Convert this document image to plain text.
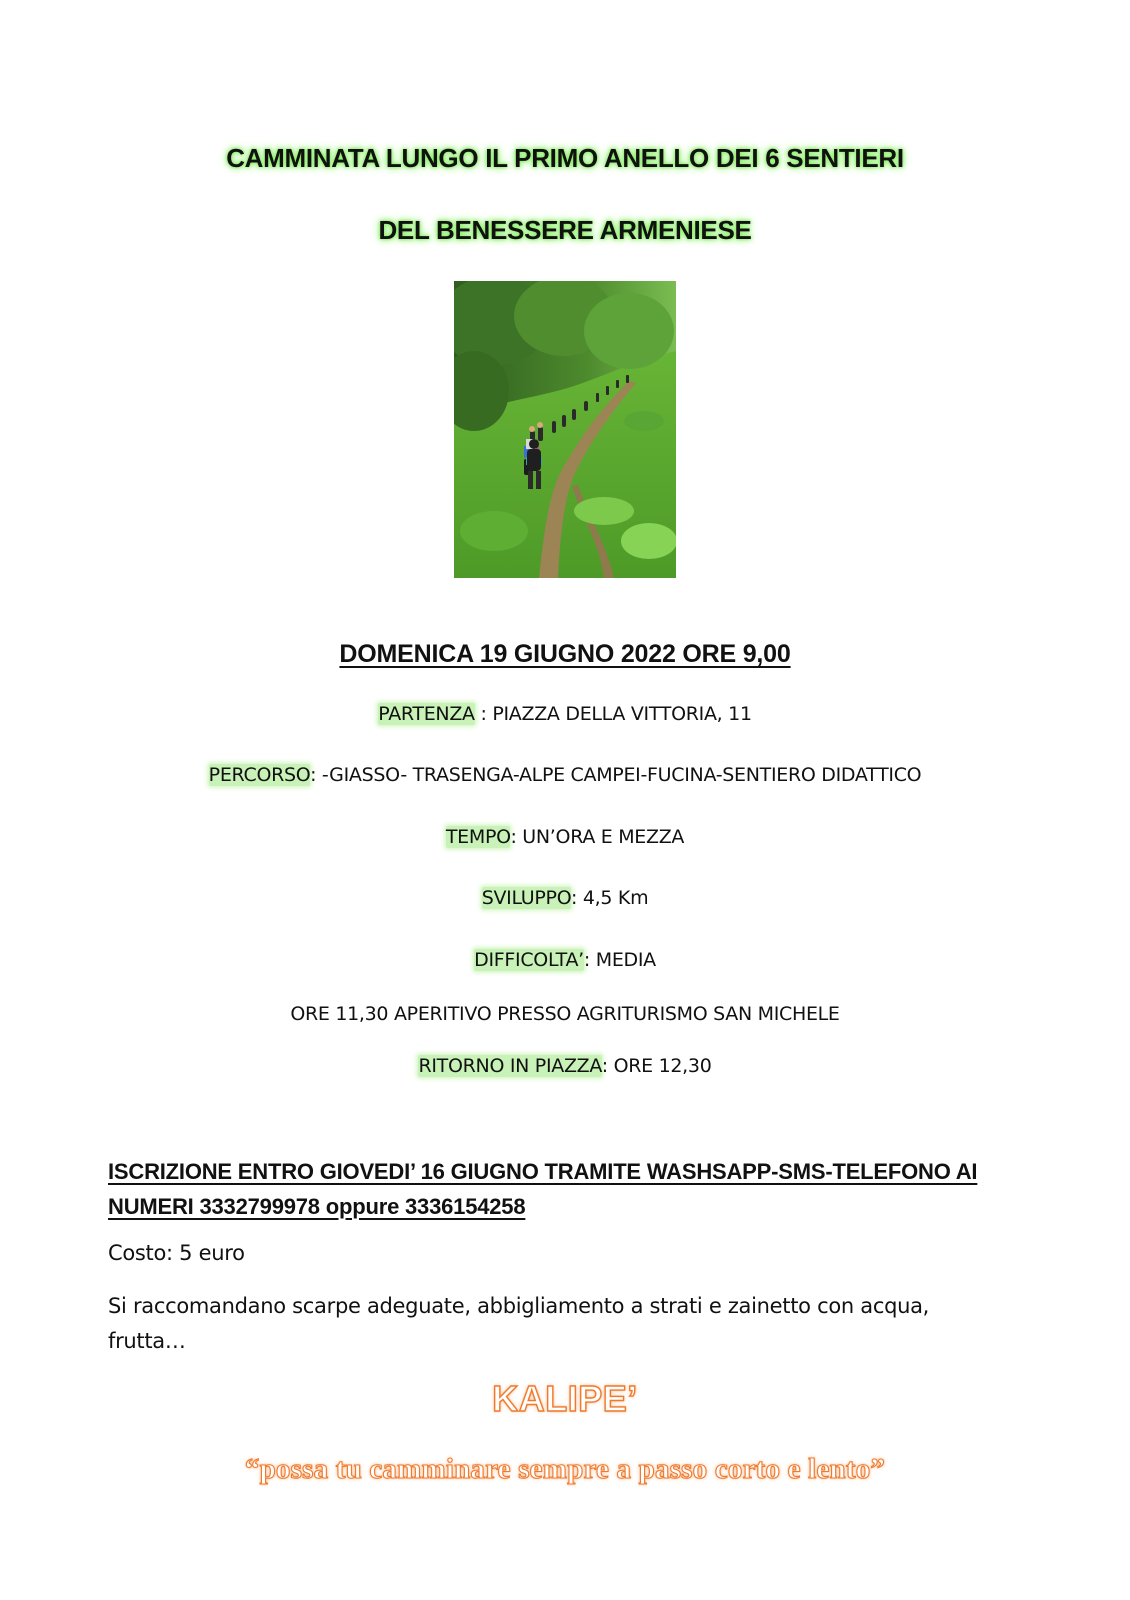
CAMMINATA LUNGO IL PRIMO ANELLO DEI 6 SENTIERI
DEL BENESSERE ARMENIESE
DOMENICA 19 GIUGNO 2022 ORE 9,00
PARTENZA : PIAZZA DELLA VITTORIA, 11
PERCORSO: -GIASSO- TRASENGA-ALPE CAMPEI-FUCINA-SENTIERO DIDATTICO
TEMPO: UN’ORA E MEZZA
SVILUPPO: 4,5 Km
DIFFICOLTA’: MEDIA
ORE 11,30 APERITIVO PRESSO AGRITURISMO SAN MICHELE
RITORNO IN PIAZZA: ORE 12,30
ISCRIZIONE ENTRO GIOVEDI’ 16 GIUGNO TRAMITE WASHSAPP-SMS-TELEFONO AI
NUMERI 3332799978 oppure 3336154258
Costo: 5 euro
Si raccomandano scarpe adeguate, abbigliamento a strati e zainetto con acqua,
frutta…
KALIPE’
“possa tu camminare sempre a passo corto e lento”
